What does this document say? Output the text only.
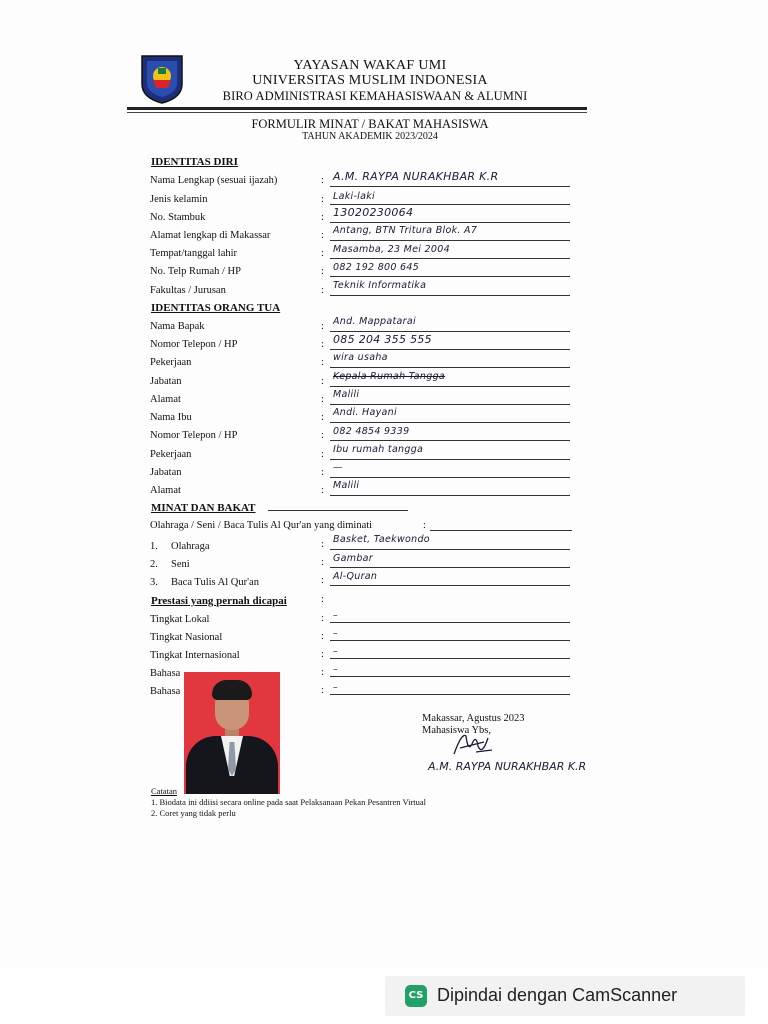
YAYASAN WAKAF UMI
UNIVERSITAS MUSLIM INDONESIA
BIRO ADMINISTRASI KEMAHASISWAAN & ALUMNI
FORMULIR MINAT / BAKAT MAHASISWA
TAHUN AKADEMIK 2023/2024
IDENTITAS DIRI
Nama Lengkap (sesuai ijazah)	: A.M. RAYPA NURAKHBAR K.R
Jenis kelamin	: Laki-laki
No. Stambuk	: 13020230064
Alamat lengkap di Makassar	: Antang, BTN Tritura Blok. A7
Tempat/tanggal lahir	: Masamba, 23 Mei 2004
No. Telp Rumah / HP	: 082 192 800 645
Fakultas / Jurusan	: Teknik Informatika
IDENTITAS ORANG TUA
Nama Bapak	: And. Mappatarai
Nomor Telepon / HP	: 085 204 355 555
Pekerjaan	: wira usaha
Jabatan	: Kepala Rumah Tangga
Alamat	: Malili
Nama Ibu	: Andi. Hayani
Nomor Telepon / HP	: 082 4854 9339
Pekerjaan	: Ibu rumah tangga
Jabatan	: —
Alamat	: Malili
MINAT DAN BAKAT
Olahraga / Seni / Baca Tulis Al Qur'an yang diminati	:
1. Olahraga	: Basket, Taekwondo
2. Seni	: Gambar
3. Baca Tulis Al Qur'an	: Al-Quran
Prestasi yang pernah dicapai	:
Tingkat Lokal	: –
Tingkat Nasional	: –
Tingkat Internasional	: –
Bahasa	: –
Bahasa	: –
Makassar, Agustus 2023
Mahasiswa Ybs,
A.M. RAYPA NURAKHBAR K.R
Catatan
1. Biodata ini ddiisi secara online pada saat Pelaksanaan Pekan Pesantren Virtual
2. Coret yang tidak perlu
CS Dipindai dengan CamScanner
